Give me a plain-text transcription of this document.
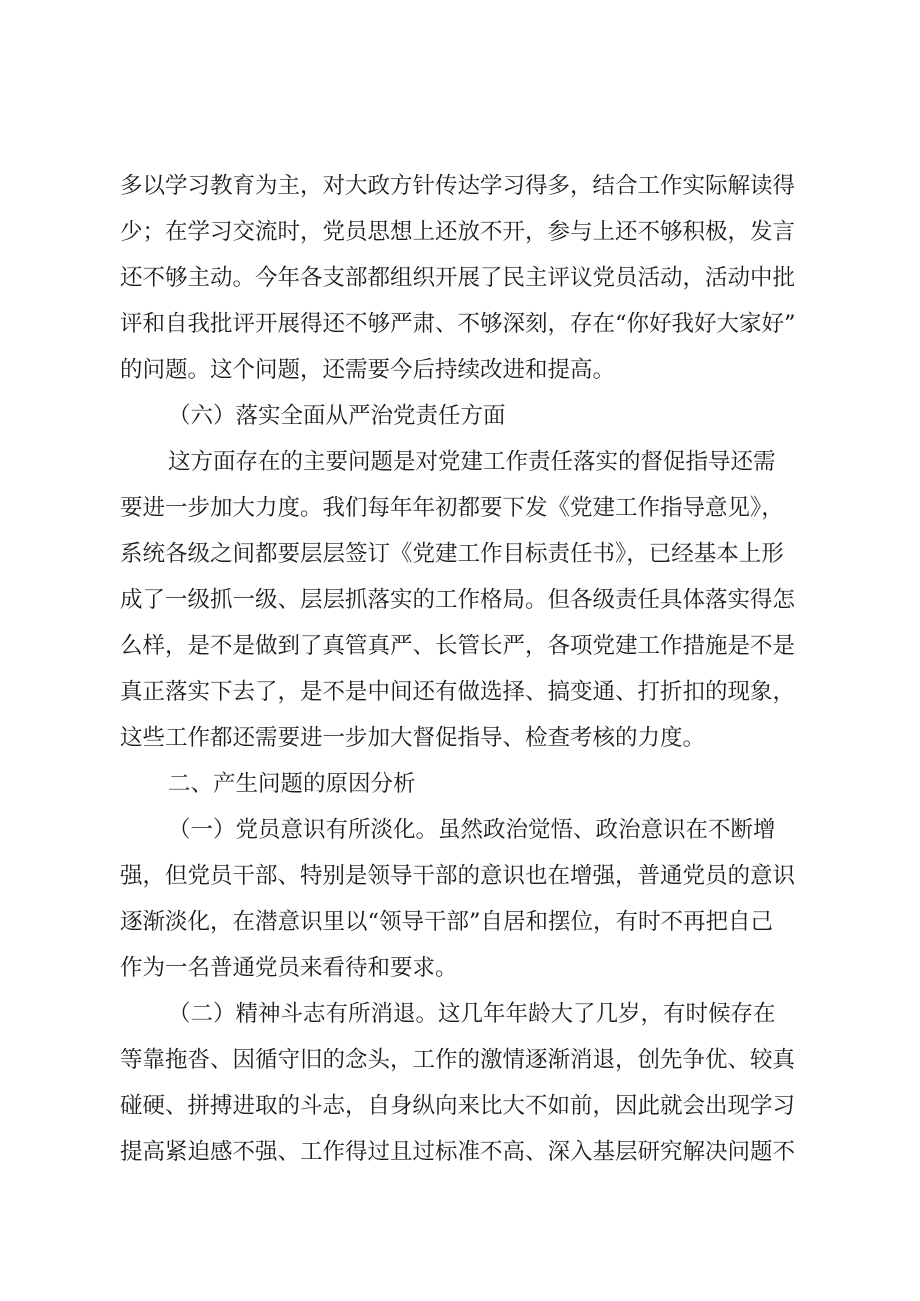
多以学习教育为主，对大政方针传达学习得多，结合工作实际解读得
少；在学习交流时，党员思想上还放不开，参与上还不够积极，发言
还不够主动。今年各支部都组织开展了民主评议党员活动，活动中批
评和自我批评开展得还不够严肃、不够深刻，存在“你好我好大家好”
的问题。这个问题，还需要今后持续改进和提高。
（六）落实全面从严治党责任方面
这方面存在的主要问题是对党建工作责任落实的督促指导还需
要进一步加大力度。我们每年年初都要下发《党建工作指导意见》，
系统各级之间都要层层签订《党建工作目标责任书》，已经基本上形
成了一级抓一级、层层抓落实的工作格局。但各级责任具体落实得怎
么样，是不是做到了真管真严、长管长严，各项党建工作措施是不是
真正落实下去了，是不是中间还有做选择、搞变通、打折扣的现象，
这些工作都还需要进一步加大督促指导、检查考核的力度。
二、产生问题的原因分析
（一）党员意识有所淡化。虽然政治觉悟、政治意识在不断增
强，但党员干部、特别是领导干部的意识也在增强，普通党员的意识
逐渐淡化，在潜意识里以“领导干部”自居和摆位，有时不再把自己
作为一名普通党员来看待和要求。
（二）精神斗志有所消退。这几年年龄大了几岁，有时候存在
等靠拖沓、因循守旧的念头，工作的激情逐渐消退，创先争优、较真
碰硬、拼搏进取的斗志，自身纵向来比大不如前，因此就会出现学习
提高紧迫感不强、工作得过且过标准不高、深入基层研究解决问题不
